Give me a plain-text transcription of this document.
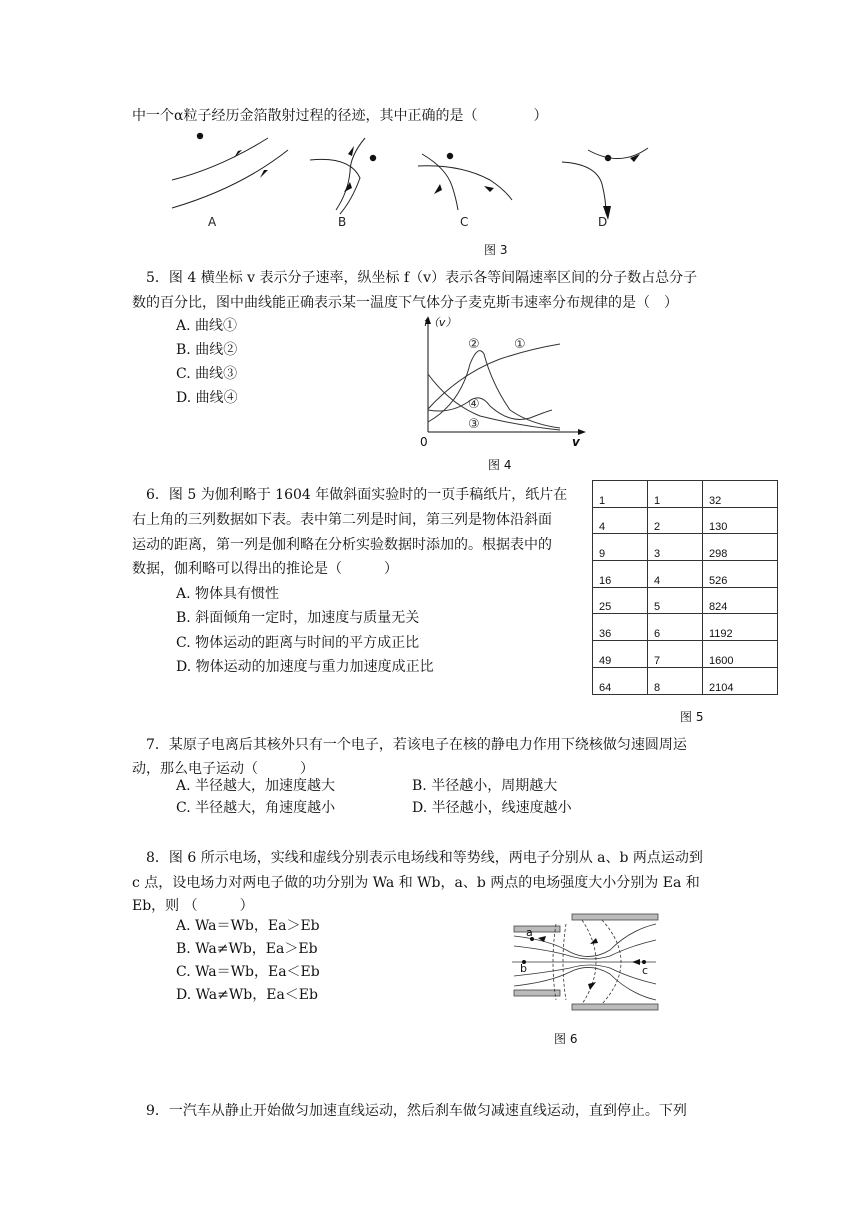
中一个α粒子经历金箔散射过程的径迹，其中正确的是（　　　　）
A	B	C	D
图 3
5．图 4 横坐标 v 表示分子速率，纵坐标 f（v）表示各等间隔速率区间的分子数占总分子
数的百分比，图中曲线能正确表示某一温度下气体分子麦克斯韦速率分布规律的是（　）
A. 曲线①
B. 曲线②
C. 曲线③
D. 曲线④
f（v）
v
0
②	①
④
③
图 4
6．图 5 为伽利略于 1604 年做斜面实验时的一页手稿纸片，纸片在
右上角的三列数据如下表。表中第二列是时间，第三列是物体沿斜面
运动的距离，第一列是伽利略在分析实验数据时添加的。根据表中的
数据，伽利略可以得出的推论是（　　　）
A. 物体具有惯性
B. 斜面倾角一定时，加速度与质量无关
C. 物体运动的距离与时间的平方成正比
D. 物体运动的加速度与重力加速度成正比
1	1	32
4	2	130
9	3	298
16	4	526
25	5	824
36	6	1192
49	7	1600
64	8	2104
图 5
7．某原子电离后其核外只有一个电子，若该电子在核的静电力作用下绕核做匀速圆周运
动，那么电子运动（　　　）
A. 半径越大，加速度越大	B. 半径越小，周期越大
C. 半径越大，角速度越小	D. 半径越小，线速度越小
8．图 6 所示电场，实线和虚线分别表示电场线和等势线，两电子分别从 a、b 两点运动到
c 点，设电场力对两电子做的功分别为 Wa 和 Wb，a、b 两点的电场强度大小分别为 Ea 和
Eb，则 （　　　）
A. Wa＝Wb，Ea＞Eb
B. Wa≠Wb，Ea＞Eb
C. Wa＝Wb，Ea＜Eb
D. Wa≠Wb，Ea＜Eb
a
b	c
图 6
9．一汽车从静止开始做匀加速直线运动，然后刹车做匀减速直线运动，直到停止。下列
